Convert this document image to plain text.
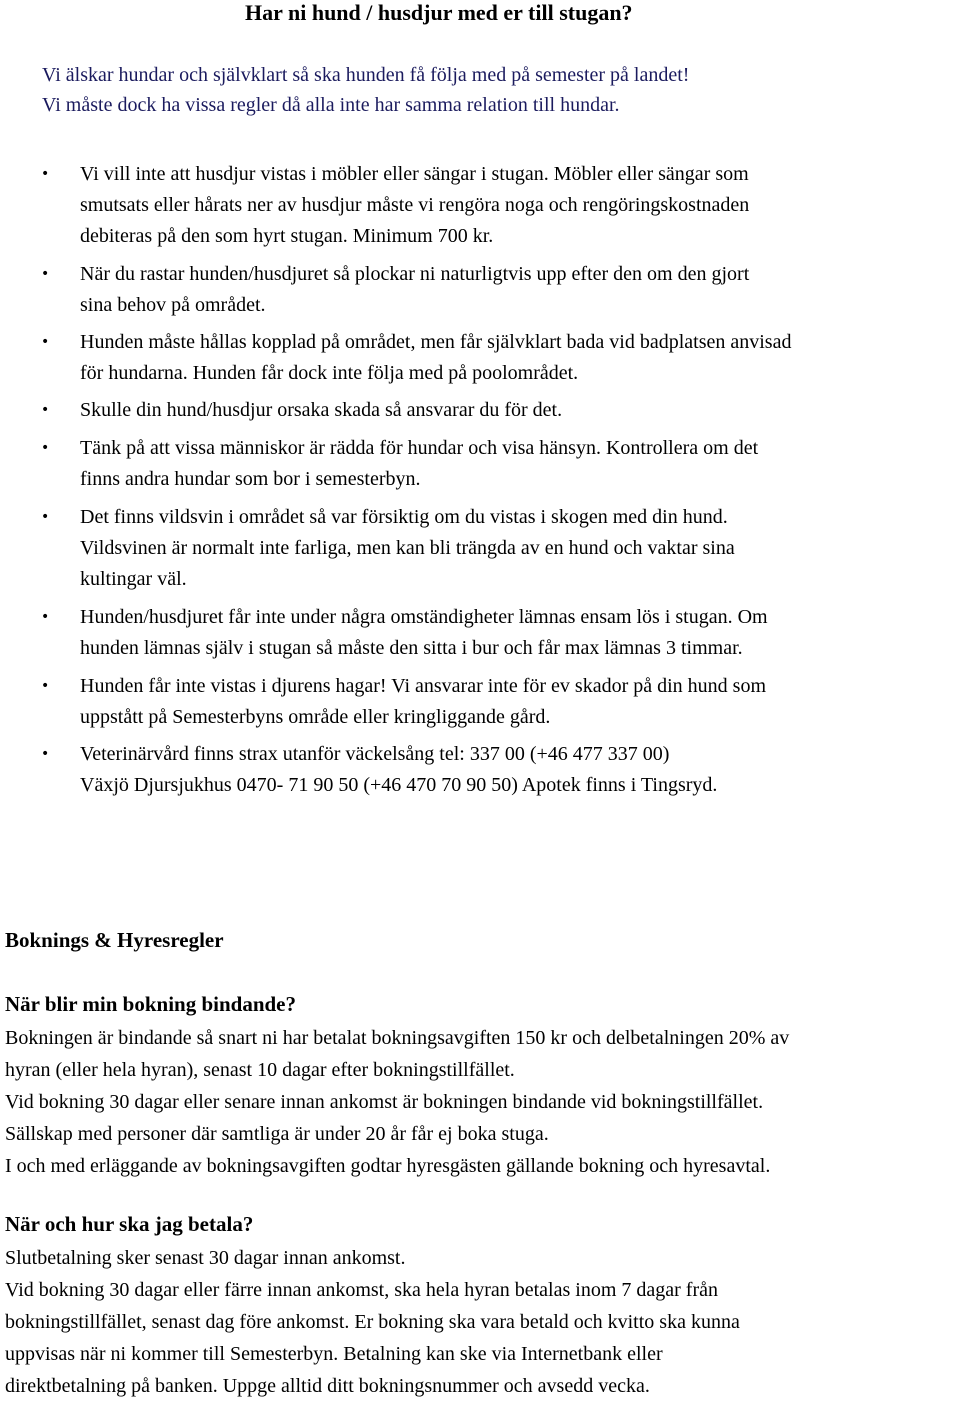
Har ni hund / husdjur med er till stugan?
Vi älskar hundar och självklart så ska hunden få följa med på semester på landet!
Vi måste dock ha vissa regler då alla inte har samma relation till hundar.
• Vi vill inte att husdjur vistas i möbler eller sängar i stugan. Möbler eller sängar som
smutsats eller hårats ner av husdjur måste vi rengöra noga och rengöringskostnaden
debiteras på den som hyrt stugan. Minimum 700 kr.
• När du rastar hunden/husdjuret så plockar ni naturligtvis upp efter den om den gjort
sina behov på området.
• Hunden måste hållas kopplad på området, men får självklart bada vid badplatsen anvisad
för hundarna. Hunden får dock inte följa med på poolområdet.
• Skulle din hund/husdjur orsaka skada så ansvarar du för det.
• Tänk på att vissa människor är rädda för hundar och visa hänsyn. Kontrollera om det
finns andra hundar som bor i semesterbyn.
• Det finns vildsvin i området så var försiktig om du vistas i skogen med din hund.
Vildsvinen är normalt inte farliga, men kan bli trängda av en hund och vaktar sina
kultingar väl.
• Hunden/husdjuret får inte under några omständigheter lämnas ensam lös i stugan. Om
hunden lämnas själv i stugan så måste den sitta i bur och får max lämnas 3 timmar.
• Hunden får inte vistas i djurens hagar! Vi ansvarar inte för ev skador på din hund som
uppstått på Semesterbyns område eller kringliggande gård.
• Veterinärvård finns strax utanför väckelsång tel: 337 00 (+46 477 337 00)
Växjö Djursjukhus 0470- 71 90 50 (+46 470 70 90 50) Apotek finns i Tingsryd.
Boknings & Hyresregler
När blir min bokning bindande?
Bokningen är bindande så snart ni har betalat bokningsavgiften 150 kr och delbetalningen 20% av
hyran (eller hela hyran), senast 10 dagar efter bokningstillfället.
Vid bokning 30 dagar eller senare innan ankomst är bokningen bindande vid bokningstillfället.
Sällskap med personer där samtliga är under 20 år får ej boka stuga.
I och med erläggande av bokningsavgiften godtar hyresgästen gällande bokning och hyresavtal.
När och hur ska jag betala?
Slutbetalning sker senast 30 dagar innan ankomst.
Vid bokning 30 dagar eller färre innan ankomst, ska hela hyran betalas inom 7 dagar från
bokningstillfället, senast dag före ankomst. Er bokning ska vara betald och kvitto ska kunna
uppvisas när ni kommer till Semesterbyn. Betalning kan ske via Internetbank eller
direktbetalning på banken. Uppge alltid ditt bokningsnummer och avsedd vecka.
